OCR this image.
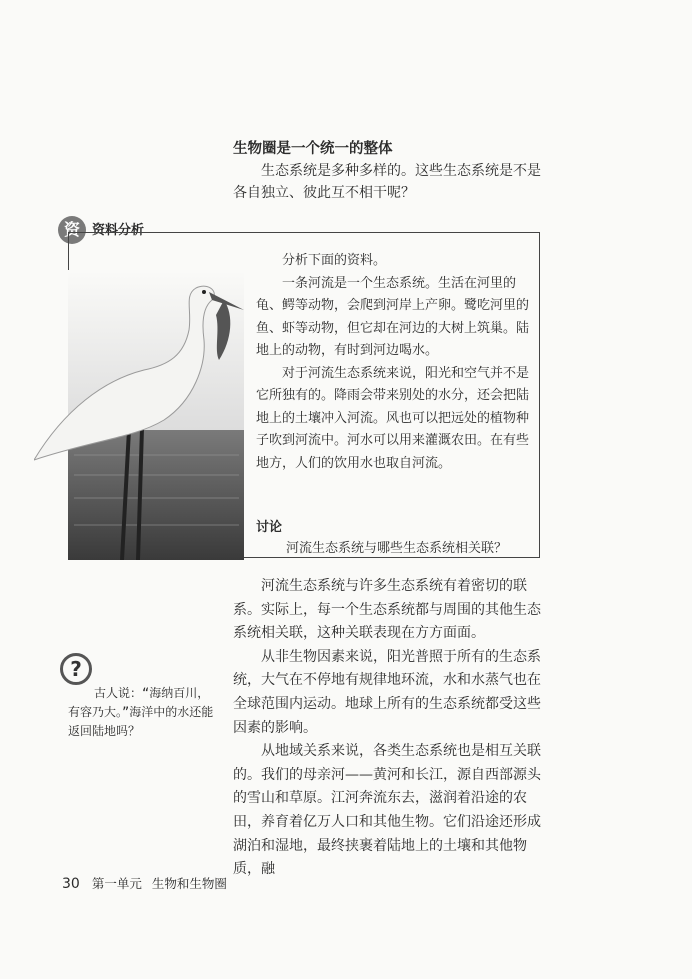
生物圈是一个统一的整体

生态系统是多种多样的。这些生态系统是不是各自独立、彼此互不相干呢？

资 资料分析

分析下面的资料。

一条河流是一个生态系统。生活在河里的龟、鳄等动物，会爬到河岸上产卵。鹭吃河里的鱼、虾等动物，但它却在河边的大树上筑巢。陆地上的动物，有时到河边喝水。

对于河流生态系统来说，阳光和空气并不是它所独有的。降雨会带来别处的水分，还会把陆地上的土壤冲入河流。风也可以把远处的植物种子吹到河流中。河水可以用来灌溉农田。在有些地方，人们的饮用水也取自河流。

讨论
河流生态系统与哪些生态系统相关联？

河流生态系统与许多生态系统有着密切的联系。实际上，每一个生态系统都与周围的其他生态系统相关联，这种关联表现在方方面面。

从非生物因素来说，阳光普照于所有的生态系统，大气在不停地有规律地环流，水和水蒸气也在全球范围内运动。地球上所有的生态系统都受这些因素的影响。

从地域关系来说，各类生态系统也是相互关联的。我们的母亲河——黄河和长江，源自西部源头的雪山和草原。江河奔流东去，滋润着沿途的农田，养育着亿万人口和其他生物。它们沿途还形成湖泊和湿地，最终挟裹着陆地上的土壤和其他物质，融

?

古人说：“海纳百川，有容乃大。”海洋中的水还能返回陆地吗？

30 第一单元 生物和生物圈
